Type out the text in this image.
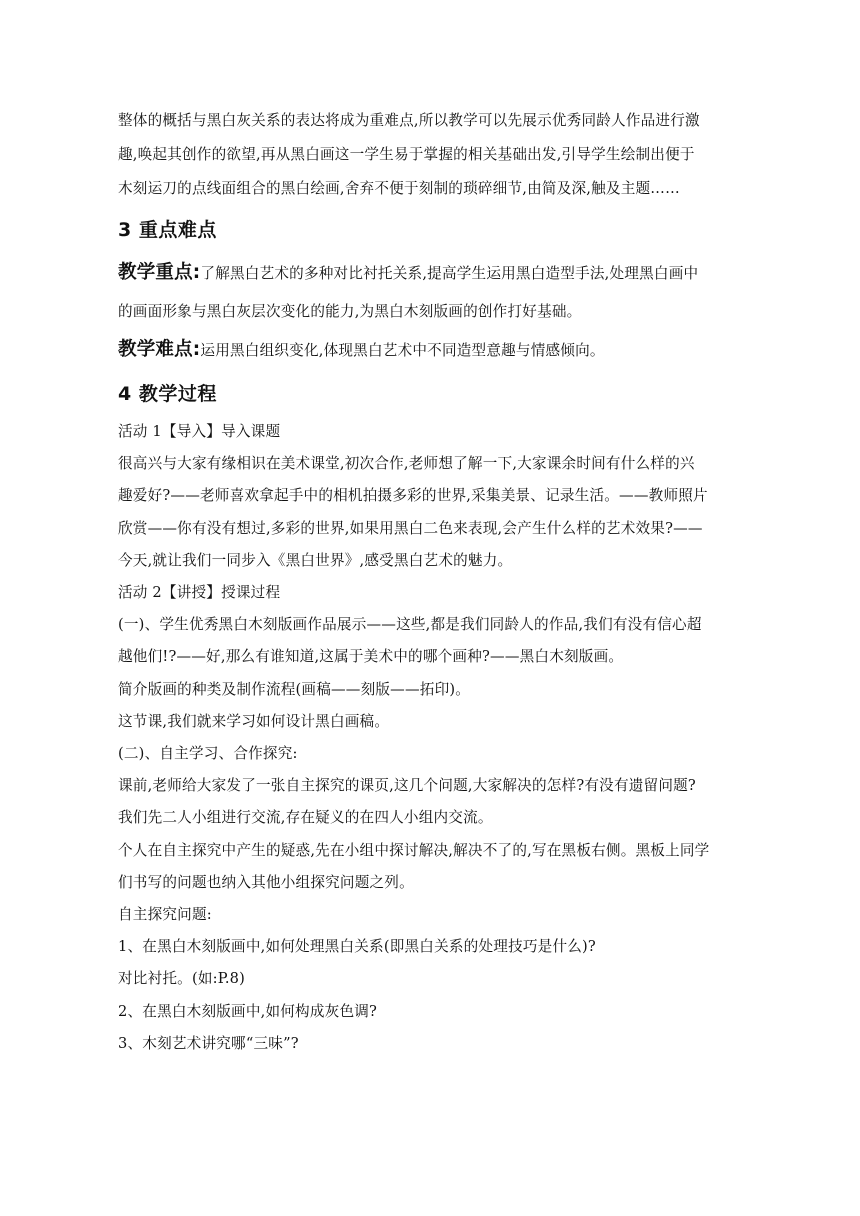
整体的概括与黑白灰关系的表达将成为重难点,所以教学可以先展示优秀同龄人作品进行激

趣,唤起其创作的欲望,再从黑白画这一学生易于掌握的相关基础出发,引导学生绘制出便于

木刻运刀的点线面组合的黑白绘画,舍弃不便于刻制的琐碎细节,由简及深,触及主题……

3 重点难点

教学重点:了解黑白艺术的多种对比衬托关系,提高学生运用黑白造型手法,处理黑白画中

的画面形象与黑白灰层次变化的能力,为黑白木刻版画的创作打好基础。

教学难点:运用黑白组织变化,体现黑白艺术中不同造型意趣与情感倾向。

4 教学过程

活动 1【导入】导入课题

很高兴与大家有缘相识在美术课堂,初次合作,老师想了解一下,大家课余时间有什么样的兴

趣爱好?——老师喜欢拿起手中的相机拍摄多彩的世界,采集美景、记录生活。——教师照片

欣赏——你有没有想过,多彩的世界,如果用黑白二色来表现,会产生什么样的艺术效果?——

今天,就让我们一同步入《黑白世界》,感受黑白艺术的魅力。

活动 2【讲授】授课过程

(一)、学生优秀黑白木刻版画作品展示——这些,都是我们同龄人的作品,我们有没有信心超

越他们!?——好,那么有谁知道,这属于美术中的哪个画种?——黑白木刻版画。

简介版画的种类及制作流程(画稿——刻版——拓印)。

这节课,我们就来学习如何设计黑白画稿。

(二)、自主学习、合作探究:

课前,老师给大家发了一张自主探究的课页,这几个问题,大家解决的怎样?有没有遗留问题?

我们先二人小组进行交流,存在疑义的在四人小组内交流。

个人在自主探究中产生的疑惑,先在小组中探讨解决,解决不了的,写在黑板右侧。黑板上同学

们书写的问题也纳入其他小组探究问题之列。

自主探究问题:

1、在黑白木刻版画中,如何处理黑白关系(即黑白关系的处理技巧是什么)?

对比衬托。(如:P.8)

2、在黑白木刻版画中,如何构成灰色调?

3、木刻艺术讲究哪“三味”?
